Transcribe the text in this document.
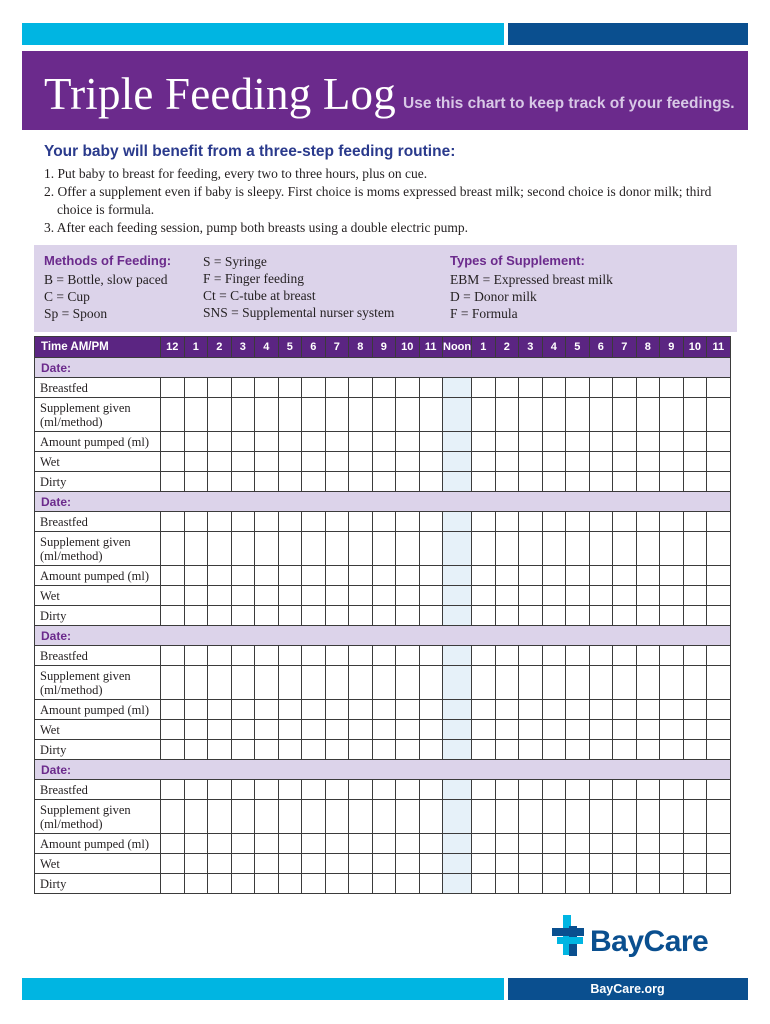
Triple Feeding Log Use this chart to keep track of your feedings.
Your baby will benefit from a three-step feeding routine:
1. Put baby to breast for feeding, every two to three hours, plus on cue.
2. Offer a supplement even if baby is sleepy. First choice is moms expressed breast milk; second choice is donor milk; third
choice is formula.
3. After each feeding session, pump both breasts using a double electric pump.
Methods of Feeding:
B = Bottle, slow paced
C = Cup
Sp = Spoon
S = Syringe
F = Finger feeding
Ct = C-tube at breast
SNS = Supplemental nurser system
Types of Supplement:
EBM = Expressed breast milk
D = Donor milk
F = Formula
Time AM/PM	12	1	2	3	4	5	6	7	8	9	10	11	Noon	1	2	3	4	5	6	7	8	9	10	11
Date:																								
Breastfed																								
Supplement given (ml/method)																								
Amount pumped (ml)																								
Wet																								
Dirty																								
Date:																								
Breastfed																								
Supplement given (ml/method)																								
Amount pumped (ml)																								
Wet																								
Dirty																								
Date:																								
Breastfed																								
Supplement given (ml/method)																								
Amount pumped (ml)																								
Wet																								
Dirty																								
Date:																								
Breastfed																								
Supplement given (ml/method)																								
Amount pumped (ml)																								
Wet																								
Dirty																								
BayCare
BayCare.org
